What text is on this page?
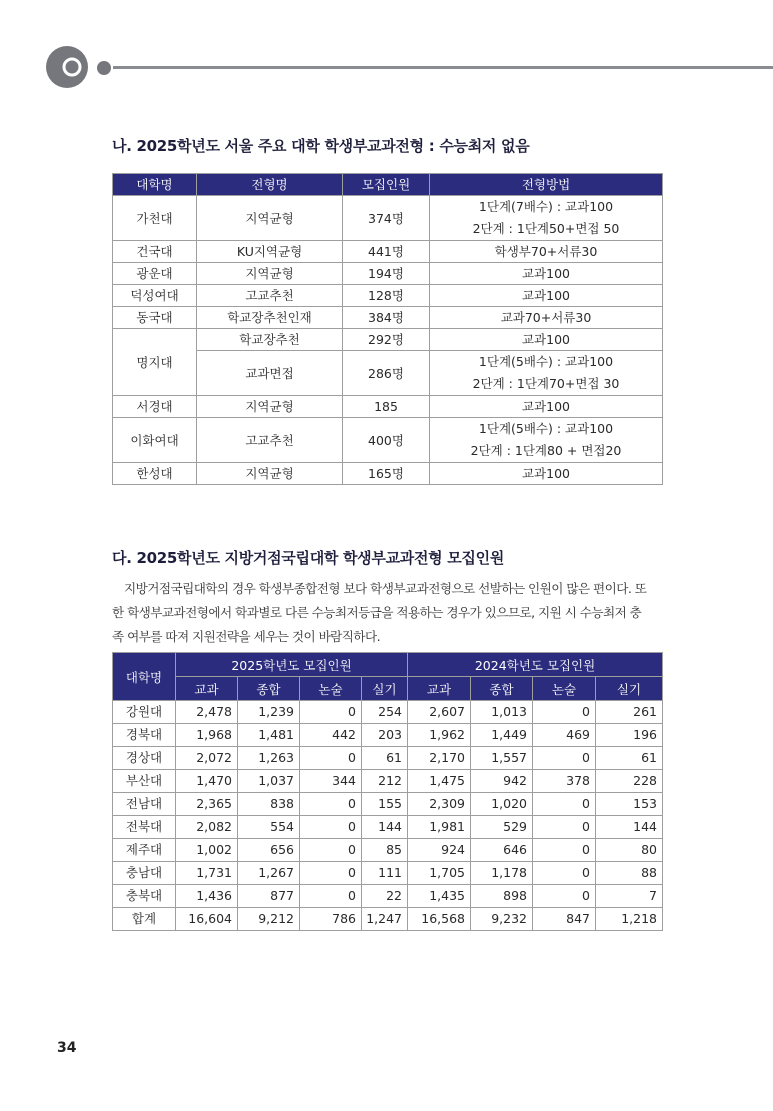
나. 2025학년도 서울 주요 대학 학생부교과전형 : 수능최저 없음
대학명	전형명	모집인원	전형방법
가천대	지역균형	374명	1단계(7배수) : 교과100
			2단계 : 1단계50+면접 50
건국대	KU지역균형	441명	학생부70+서류30
광운대	지역균형	194명	교과100
덕성여대	고교추천	128명	교과100
동국대	학교장추천인재	384명	교과70+서류30
명지대	학교장추천	292명	교과100
	교과면접	286명	1단계(5배수) : 교과100
			2단계 : 1단계70+면접 30
서경대	지역균형	185	교과100
이화여대	고교추천	400명	1단계(5배수) : 교과100
			2단계 : 1단계80 + 면접20
한성대	지역균형	165명	교과100
다. 2025학년도 지방거점국립대학 학생부교과전형 모집인원

지방거점국립대학의 경우 학생부종합전형 보다 학생부교과전형으로 선발하는 인원이 많은 편이다. 또

한 학생부교과전형에서 학과별로 다른 수능최저등급을 적용하는 경우가 있으므로, 지원 시 수능최저 충
족 여부를 따져 지원전략을 세우는 것이 바람직하다.
대학명	2025학년도 모집인원				2024학년도 모집인원			
	교과	종합	논술	실기	교과	종합	논술	실기
강원대	2,478	1,239	0	254	2,607	1,013	0	261
경북대	1,968	1,481	442	203	1,962	1,449	469	196
경상대	2,072	1,263	0	61	2,170	1,557	0	61
부산대	1,470	1,037	344	212	1,475	942	378	228
전남대	2,365	838	0	155	2,309	1,020	0	153
전북대	2,082	554	0	144	1,981	529	0	144
제주대	1,002	656	0	85	924	646	0	80
충남대	1,731	1,267	0	111	1,705	1,178	0	88
충북대	1,436	877	0	22	1,435	898	0	7
합계	16,604	9,212	786	1,247	16,568	9,232	847	1,218
34
